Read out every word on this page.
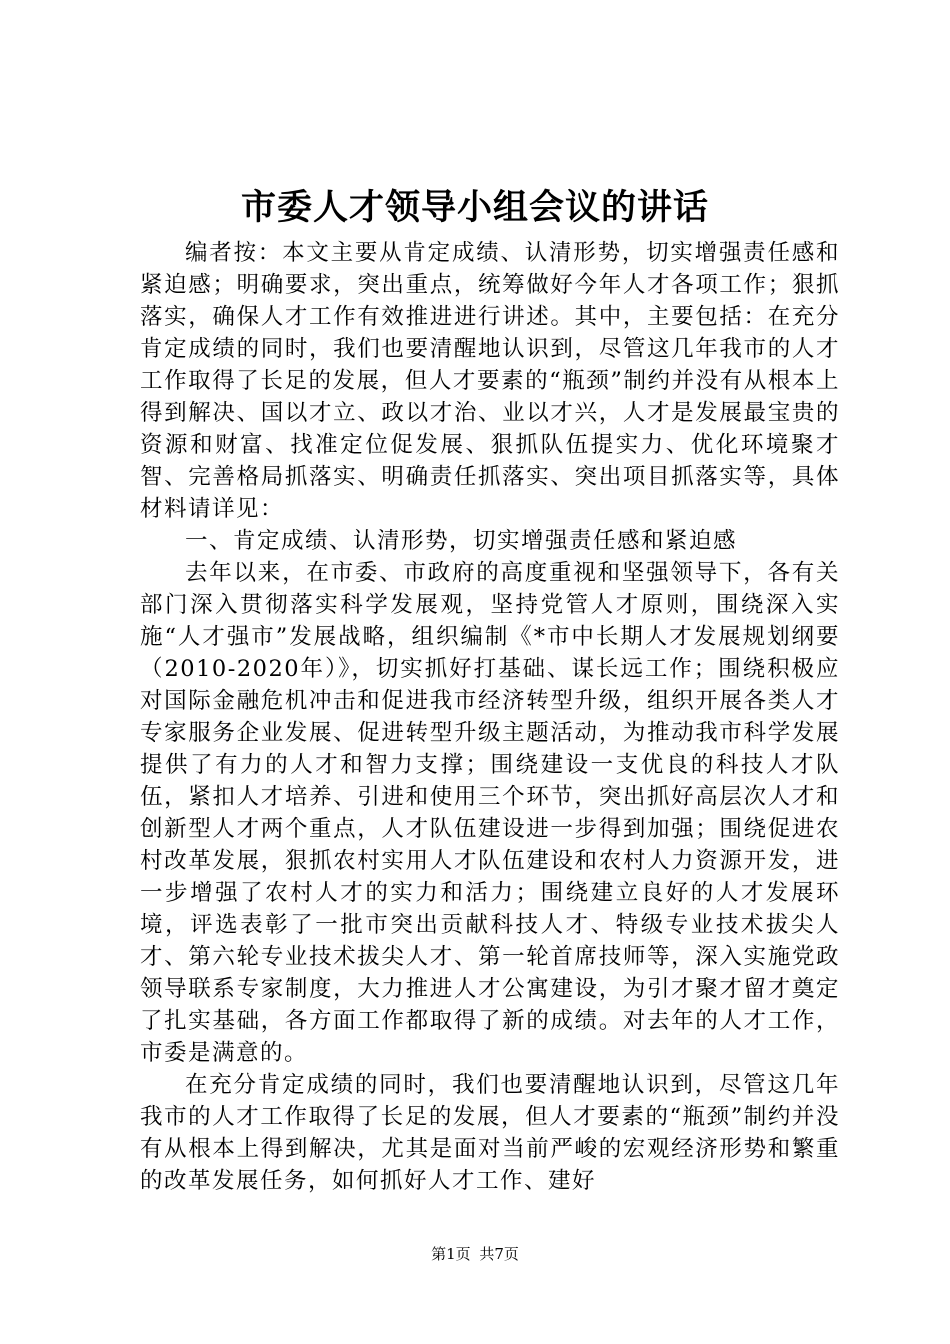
市委人才领导小组会议的讲话

编者按：本文主要从肯定成绩、认清形势，切实增强责任感和紧迫感；明确要求，突出重点，统筹做好今年人才各项工作；狠抓落实，确保人才工作有效推进进行讲述。其中，主要包括：在充分肯定成绩的同时，我们也要清醒地认识到，尽管这几年我市的人才工作取得了长足的发展，但人才要素的“瓶颈”制约并没有从根本上得到解决、国以才立、政以才治、业以才兴，人才是发展最宝贵的资源和财富、找准定位促发展、狠抓队伍提实力、优化环境聚才智、完善格局抓落实、明确责任抓落实、突出项目抓落实等，具体材料请详见：

一、肯定成绩、认清形势，切实增强责任感和紧迫感

去年以来，在市委、市政府的高度重视和坚强领导下，各有关部门深入贯彻落实科学发展观，坚持党管人才原则，围绕深入实施“人才强市”发展战略，组织编制《*市中长期人才发展规划纲要（2010-2020年）》，切实抓好打基础、谋长远工作；围绕积极应对国际金融危机冲击和促进我市经济转型升级，组织开展各类人才专家服务企业发展、促进转型升级主题活动，为推动我市科学发展提供了有力的人才和智力支撑；围绕建设一支优良的科技人才队伍，紧扣人才培养、引进和使用三个环节，突出抓好高层次人才和创新型人才两个重点，人才队伍建设进一步得到加强；围绕促进农村改革发展，狠抓农村实用人才队伍建设和农村人力资源开发，进一步增强了农村人才的实力和活力；围绕建立良好的人才发展环境，评选表彰了一批市突出贡献科技人才、特级专业技术拔尖人才、第六轮专业技术拔尖人才、第一轮首席技师等，深入实施党政领导联系专家制度，大力推进人才公寓建设，为引才聚才留才奠定了扎实基础，各方面工作都取得了新的成绩。对去年的人才工作，市委是满意的。

在充分肯定成绩的同时，我们也要清醒地认识到，尽管这几年我市的人才工作取得了长足的发展，但人才要素的“瓶颈”制约并没有从根本上得到解决，尤其是面对当前严峻的宏观经济形势和繁重的改革发展任务，如何抓好人才工作、建好

第1页 共7页
